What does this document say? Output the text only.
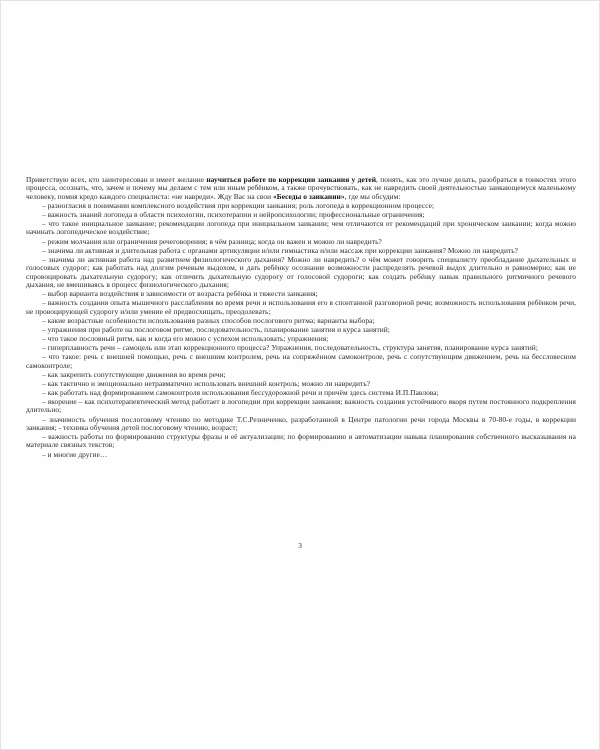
Приветствую всех, кто заинтересован и имеет желание научиться работе по коррекции заикания у детей, понять, как это лучше делать, разобраться в тонкостях этого процесса, осознать, что, зачем и почему мы делаем с тем или иным ребёнком, а также прочувствовать, как не навредить своей деятельностью заикающемуся маленькому человеку, помня кредо каждого специалиста: «не навреди». Жду Вас на свои «Беседы о заикании», где мы обсудим:

– разногласия в понимании комплексного воздействия при коррекции заикания; роль логопеда в коррекционном процессе;

– важность знаний логопеда в области психологии, психотерапии и нейропсихологии; профессиональные ограничения;

– что такое инициальное заикание; рекомендации логопеда при инициальном заикании; чем отличаются от рекомендаций при хроническом заикании; когда можно начинать логопедическое воздействие;

– режим молчания или ограничения речеговорения; в чём разница; когда он важен и можно ли навредить?

– значима ли активная и длительная работа с органами артикуляции и/или гимнастика и/или массаж при коррекции заикания? Можно ли навредить?

– значима ли активная работа над развитием физиологического дыхания? Можно ли навредить? о чём может говорить специалисту преобладание дыхательных и голосовых судорог; как работать над долгим речевым выдохом, и дать ребёнку осознание возможности распределять речевой выдох длительно и равномерно; как не спровоцировать дыхательную судорогу; как отличить дыхательную судорогу от голосовой судороги; как создать ребёнку навык правильного ритмичного речевого дыхания, не вмешиваясь в процесс физиологического дыхания;

– выбор варианта воздействия в зависимости от возраста ребёнка и тяжести заикания;

– важность создания опыта мышечного расслабления во время речи и использования его в спонтанной разговорной речи; возможность использования ребёнком речи, не провоцирующей судорогу и/или умение её предвосхищать, преодолевать;

– какие возрастные особенности использования разных способов послогового ритма; варианты выбора;

– упражнения при работе на послоговом ритме, последовательность, планирование занятия и курса занятий;

– что такое пословный ритм, как и когда его можно с успехом использовать; упражнения;

– гиперплавность речи – самоцель или этап коррекционного процесса? Упражнения, последовательность, структура занятия, планирование курса занятий;

– что такое: речь с внешней помощью, речь с внешним контролем, речь на сопряжённом самоконтроле, речь с сопутствующим движением, речь на бессловесном самоконтроле;

– как закрепить сопутствующие движения во время речи;

– как тактично и эмоционально нетравматично использовать внешний контроль; можно ли навредить?

– как работать над формированием самоконтроля использования бессудорожной речи и причём здесь система И.П.Павлова;

– якорение – как психотерапевтический метод работает в логопедии при коррекции заикания; важность создания устойчивого якоря путем постоянного подкрепления длительно;

– значимость обучения послоговому чтению по методике Т.С.Резниченко, разработанной в Центре патологии речи города Москвы в 70-80-е годы, в коррекции заикания; - техника обучения детей послоговому чтению, возраст;

– важность работы по формированию структуры фразы и её актуализации; по формированию и автоматизации навыка планирования собственного высказывания на материале связных текстов;

– и многие другие…

3
